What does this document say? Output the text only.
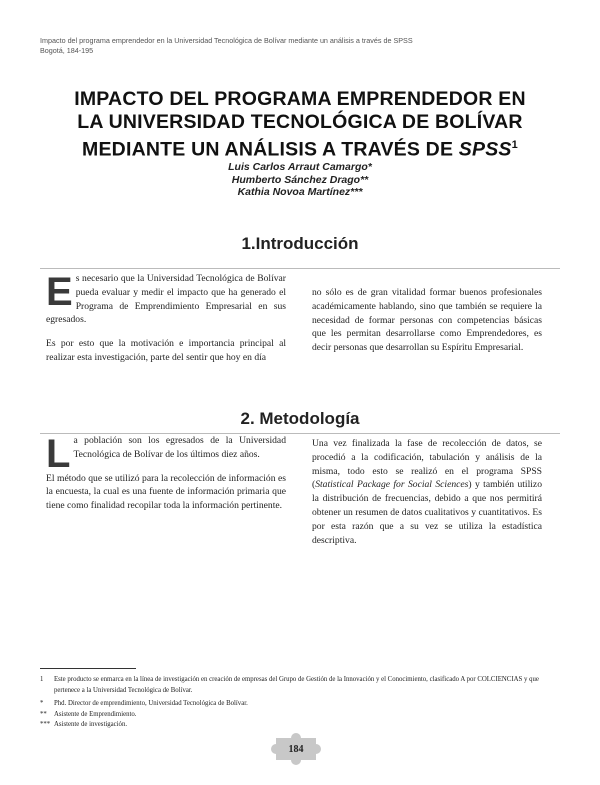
Impacto del programa emprendedor en la Universidad Tecnológica de Bolívar mediante un análisis a través de SPSS
Bogotá, 184-195
IMPACTO DEL PROGRAMA EMPRENDEDOR EN
LA UNIVERSIDAD TECNOLÓGICA DE BOLÍVAR
MEDIANTE UN ANÁLISIS A TRAVÉS DE SPSS$^1$
Luis Carlos Arraut Camargo*
Humberto Sánchez Drago**
Kathia Novoa Martínez***
1.Introducción

Es necesario que la Universidad Tecnológica de Bolívar pueda evaluar y medir el impacto que ha generado el Programa de Emprendimiento Empresarial en sus egresados.

Es por esto que la motivación e importancia principal al realizar esta investigación, parte del sentir que hoy en día

no sólo es de gran vitalidad formar buenos profesionales académicamente hablando, sino que también se requiere la necesidad de formar personas con competencias básicas que les permitan desarrollarse como Emprendedores, es decir personas que desarrollan su Espíritu Empresarial.

2. Metodología

La población son los egresados de la Universidad Tecnológica de Bolívar de los últimos diez años.

El método que se utilizó para la recolección de información es la encuesta, la cual es una fuente de información primaria que tiene como finalidad recopilar toda la información pertinente.

Una vez finalizada la fase de recolección de datos, se procedió a la codificación, tabulación y análisis de la misma, todo esto se realizó en el programa SPSS (Statistical Package for Social Sciences) y también utilizo la distribución de frecuencias, debido a que nos permitirá obtener un resumen de datos cualitativos y cuantitativos. Es por esta razón que a su vez se utiliza la estadística descriptiva.

1 Este producto se enmarca en la línea de investigación en creación de empresas del Grupo de Gestión de la Innovación y el Conocimiento, clasificado A por COLCIENCIAS y que pertenece a la Universidad Tecnológica de Bolívar.
* Phd. Director de emprendimiento, Universidad Tecnológica de Bolívar.
** Asistente de Emprendimiento.
*** Asistente de investigación.
184
